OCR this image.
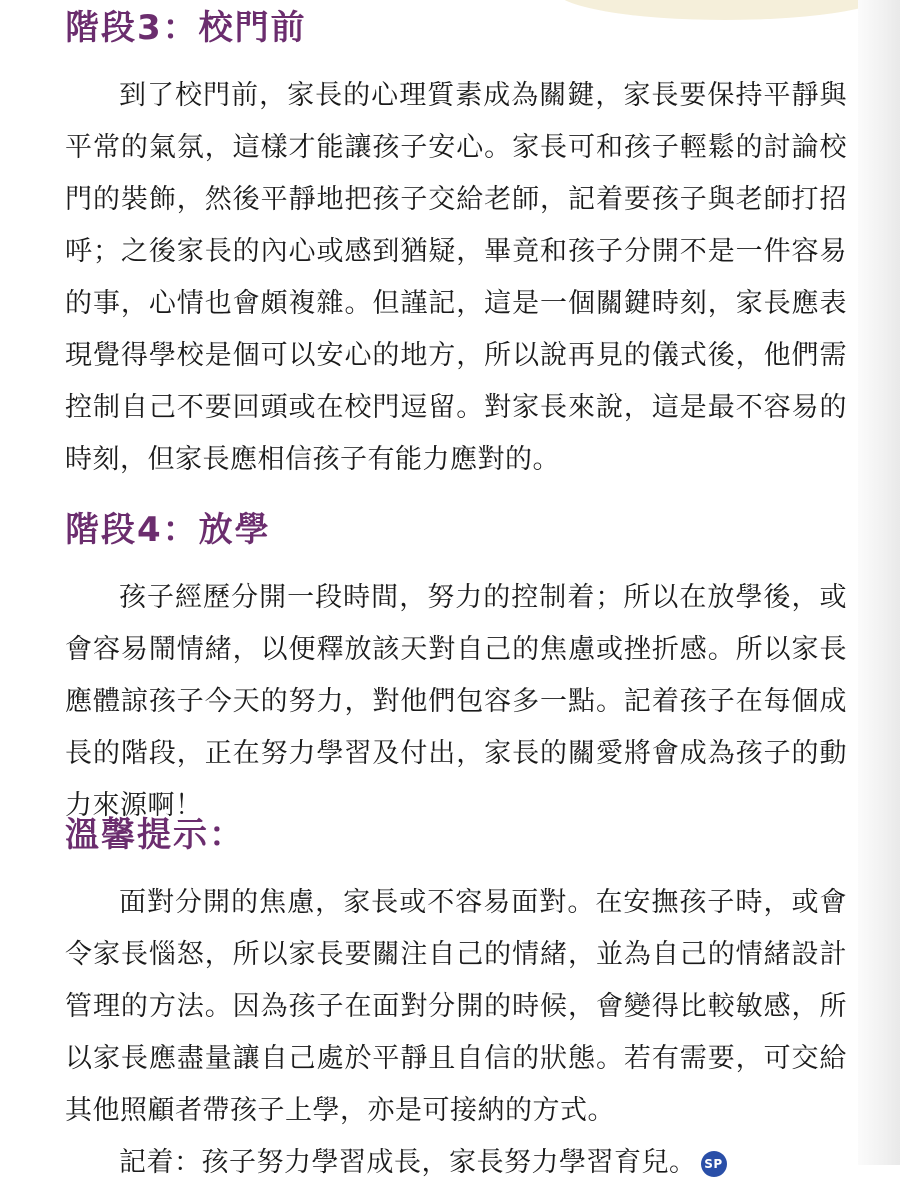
階段3：校門前

到了校門前，家長的心理質素成為關鍵，家長要保持平靜與平常的氣氛，這樣才能讓孩子安心。家長可和孩子輕鬆的討論校門的裝飾，然後平靜地把孩子交給老師，記着要孩子與老師打招呼；之後家長的內心或感到猶疑，畢竟和孩子分開不是一件容易的事，心情也會頗複雜。但謹記，這是一個關鍵時刻，家長應表現覺得學校是個可以安心的地方，所以說再見的儀式後，他們需控制自己不要回頭或在校門逗留。對家長來說，這是最不容易的時刻，但家長應相信孩子有能力應對的。

階段4：放學

孩子經歷分開一段時間，努力的控制着；所以在放學後，或會容易鬧情緒，以便釋放該天對自己的焦慮或挫折感。所以家長應體諒孩子今天的努力，對他們包容多一點。記着孩子在每個成長的階段，正在努力學習及付出，家長的關愛將會成為孩子的動力來源啊！

溫馨提示：

面對分開的焦慮，家長或不容易面對。在安撫孩子時，或會令家長惱怒，所以家長要關注自己的情緒，並為自己的情緒設計管理的方法。因為孩子在面對分開的時候，會變得比較敏感，所以家長應盡量讓自己處於平靜且自信的狀態。若有需要，可交給其他照顧者帶孩子上學，亦是可接納的方式。

記着：孩子努力學習成長，家長努力學習育兒。 SP
